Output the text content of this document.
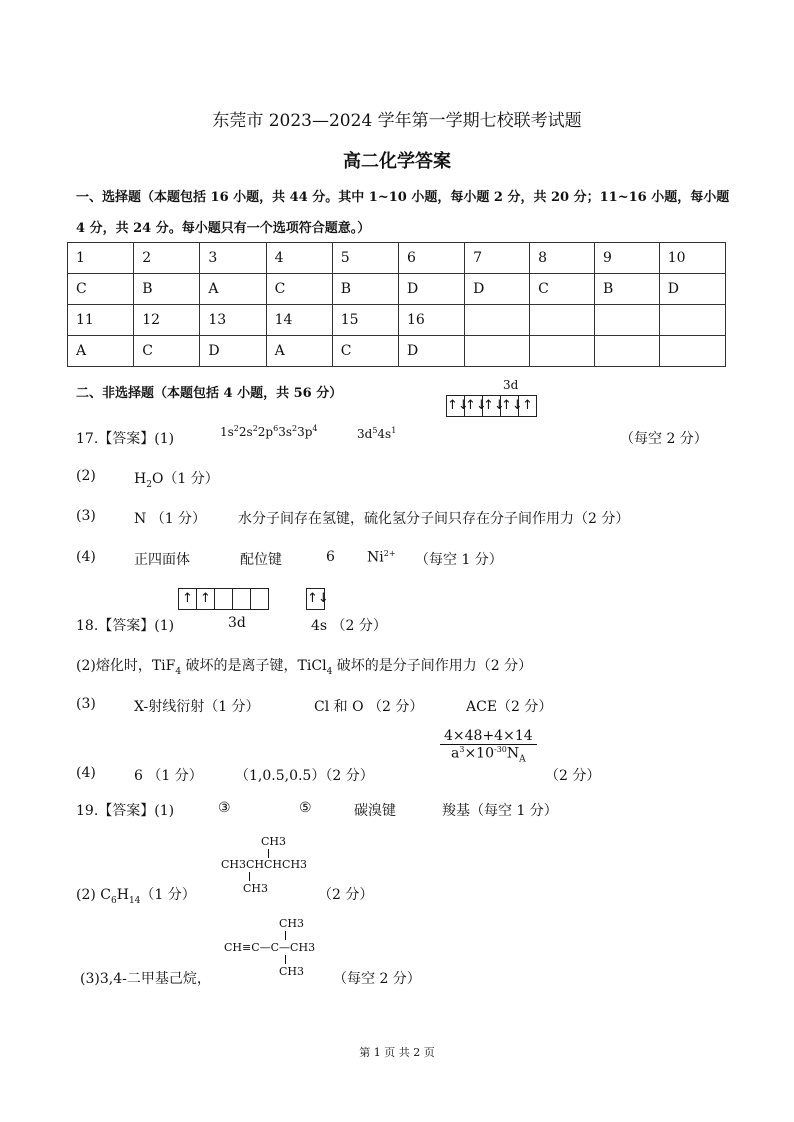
东莞市 2023—2024 学年第一学期七校联考试题
高二化学答案
一、选择题（本题包括 16 小题，共 44 分。其中 1~10 小题，每小题 2 分，共 20 分；11~16 小题，每小题
4 分，共 24 分。每小题只有一个选项符合题意。）
1	2	3	4	5	6	7	8	9	10
C	B	A	C	B	D	D	C	B	D
11	12	13	14	15	16				
A	C	D	A	C	D				
二、非选择题（本题包括 4 小题，共 56 分）
3d
↑↓
↑↓
↑↓
↑↓ ↑
17.【答案】(1)	$1s^22s^22p^63s^23p^4$	$3d^54s^1$
（每空 2 分）
(2)	$H_2O(1$ 分）
(3)	N （1 分） 水分子间存在氢键，硫化氢分子间只存在分子间作用力（2 分）
(4)	正四面体	配位键	6 $Ni^{2+}$ （每空 1 分）
↑ ↑	↑↓
18.【答案】(1)	3d	4s （2 分）
(2)熔化时，TiF$_4$ 破坏的是离子键，TiCl$_4$ 破坏的是分子间作用力（2 分）
(3)	X-射线衍射（1 分）	Cl 和 O （2 分）	ACE（2 分）
$\frac{4\times 48+4\times 14}{a^3\times 10^{-30}N_A}$
(4)	6 （1 分） （1,0.5,0.5）（2 分）	（2 分）
19.【答案】(1)	③	⑤	碳溴键	羧基（每空 1 分）
CH3
CH3CHCHCH3
CH3
(2) $C_6H_{14}(1$ 分）	（2 分）
CH3
CH≡C—C—CH3
CH3
(3)3,4-二甲基己烷，	（每空 2 分）
第 1 页 共 2 页
